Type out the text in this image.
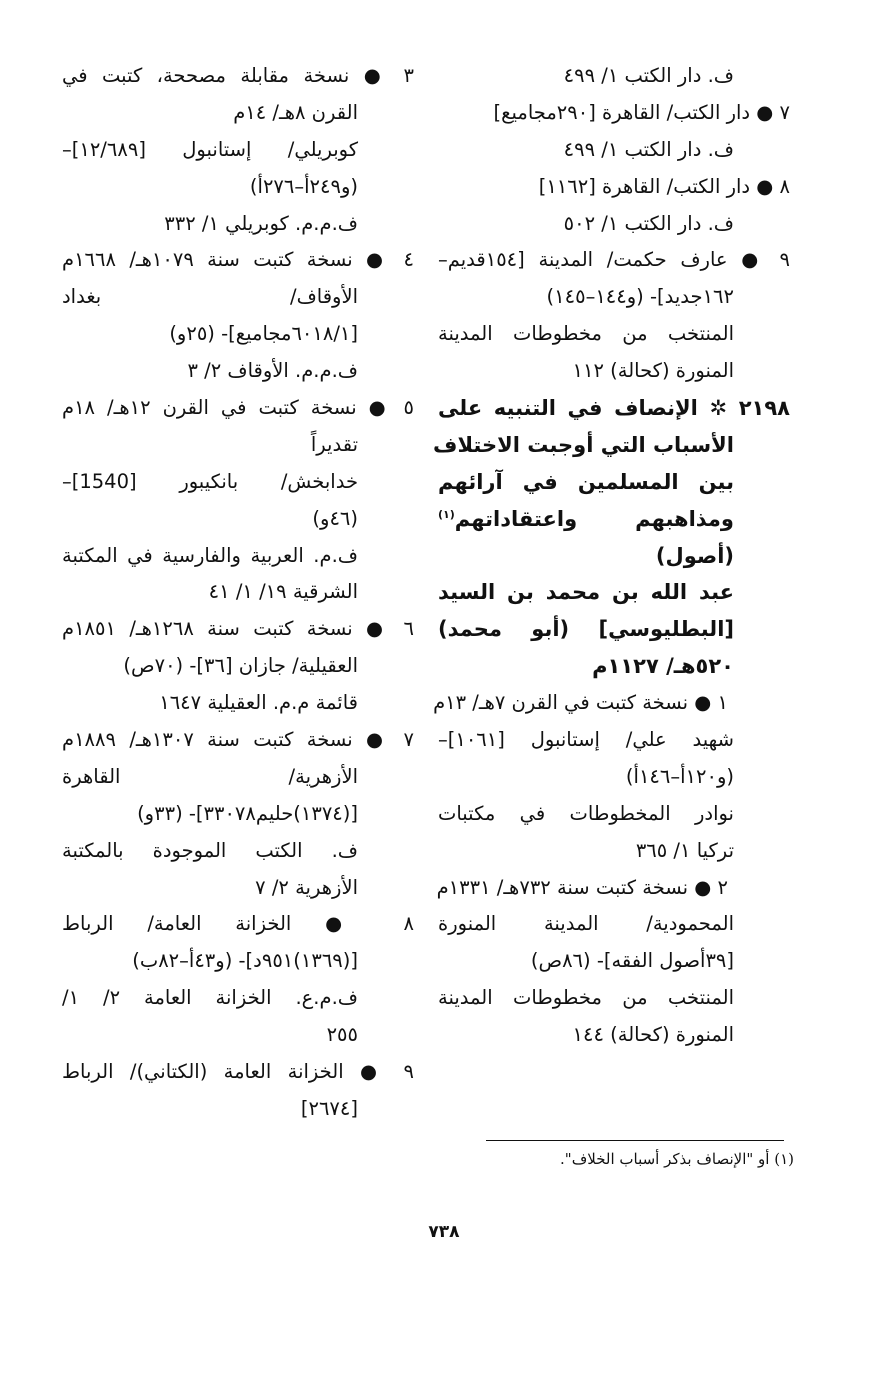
ف. دار الكتب ١/ ٤٩٩
٧ ● دار الكتب/ القاهرة [٢٩٠مجاميع]
ف. دار الكتب ١/ ٤٩٩
٨ ● دار الكتب/ القاهرة [١١٦٢]
ف. دار الكتب ١/ ٥٠٢
٩ ● عارف حكمت/ المدينة [١٥٤قديم–
١٦٢جديد]- (و١٤٤–١٤٥)
المنتخب من مخطوطات المدينة
المنورة (كحالة) ١١٢
٢١٩٨ ✲ الإنصاف في التنبيه على
الأسباب التي أوجبت الاختلاف
بين المسلمين في آرائهم
ومذاهبهم واعتقاداتهم$^{(١)}$
(أصول)
عبد الله بن محمد بن السيد
[البطليوسي] (أبو محمد)
٥٢٠هـ/ ١١٢٧م
١ ● نسخة كتبت في القرن ٧هـ/ ١٣م
شهيد علي/ إستانبول [١٠٦١]–
(و١٢٠أ–١٤٦أ)
نوادر المخطوطات في مكتبات
تركيا ١/ ٣٦٥
٢ ● نسخة كتبت سنة ٧٣٢هـ/ ١٣٣١م
المحمودية/ المدينة المنورة
[٣٩أصول الفقه]- (٨٦ص)
المنتخب من مخطوطات المدينة
المنورة (كحالة) ١٤٤
٣ ● نسخة مقابلة مصححة، كتبت في
القرن ٨هـ/ ١٤م
كوبريلي/ إستانبول [١٢/٦٨٩]–
(و٢٤٩أ–٢٧٦أ)
ف.م.م. كوبريلي ١/ ٣٣٢
٤ ● نسخة كتبت سنة ١٠٧٩هـ/ ١٦٦٨م
الأوقاف/ بغداد
[٦٠١٨/١مجاميع]- (٢٥و)
ف.م.م. الأوقاف ٢/ ٣
٥ ● نسخة كتبت في القرن ١٢هـ/ ١٨م
تقديراً
خدابخش/ بانكيبور [1540]–
(٤٦و)
ف.م. العربية والفارسية في المكتبة
الشرقية ١٩/ ١/ ٤١
٦ ● نسخة كتبت سنة ١٢٦٨هـ/ ١٨٥١م
العقيلية/ جازان [٣٦]- (٧٠ص)
قائمة م.م. العقيلية ١٦٤٧
٧ ● نسخة كتبت سنة ١٣٠٧هـ/ ١٨٨٩م
الأزهرية/ القاهرة
[(١٣٧٤)حليم٣٣٠٧٨]- (٣٣و)
ف. الكتب الموجودة بالمكتبة
الأزهرية ٢/ ٧
٨ ● الخزانة العامة/ الرباط
[(١٣٦٩)٩٥١د]- (و٤٣أ–٨٢ب)
ف.م.ع. الخزانة العامة ٢/ ١/
٢٥٥
٩ ● الخزانة العامة (الكتاني)/ الرباط
[٢٦٧٤]
(١) أو "الإنصاف بذكر أسباب الخلاف".
٧٣٨
